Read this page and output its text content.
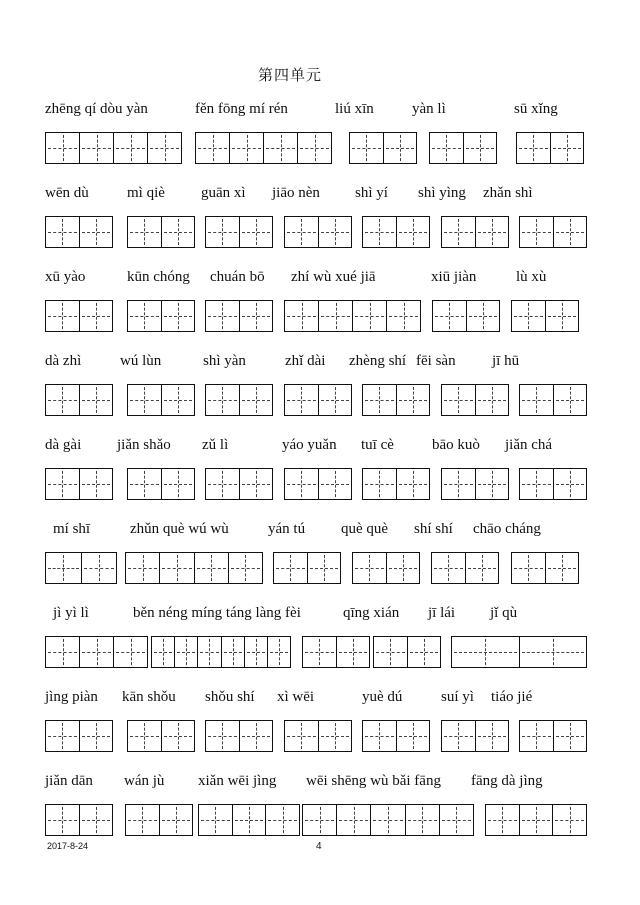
第四单元
2017-8-24	4
zhēng qí dòu yàn	fěn fōng mí rén	liú xīn	yàn lì	sū xǐng
wēn dù	mì qiè guān xì jiāo nèn shì yí shì yìng zhǎn shì
xū yào	kūn chóng chuán bō zhí wù xué jiā	xiū jiàn	lù xù
dà zhì	wú lùn	shì yàn	zhǐ dài zhèng shí fēi sàn jī hū
dà gài jiǎn shǎo zǔ lì	yáo yuǎn tuī cè	bāo kuò jiǎn chá
mí shī	zhǔn què wú wù	yán tú què què shí shí chāo cháng
jì yì lì	běn néng míng táng làng fèi	qīng xián jī lái jǐ qù
jìng piàn kān shǒu shǒu shí xì wēi	yuè dú	suí yì tiáo jié
jiǎn dān wán jù xiǎn wēi jìng wēi shēng wù bǎi fāng fāng dà jìng
